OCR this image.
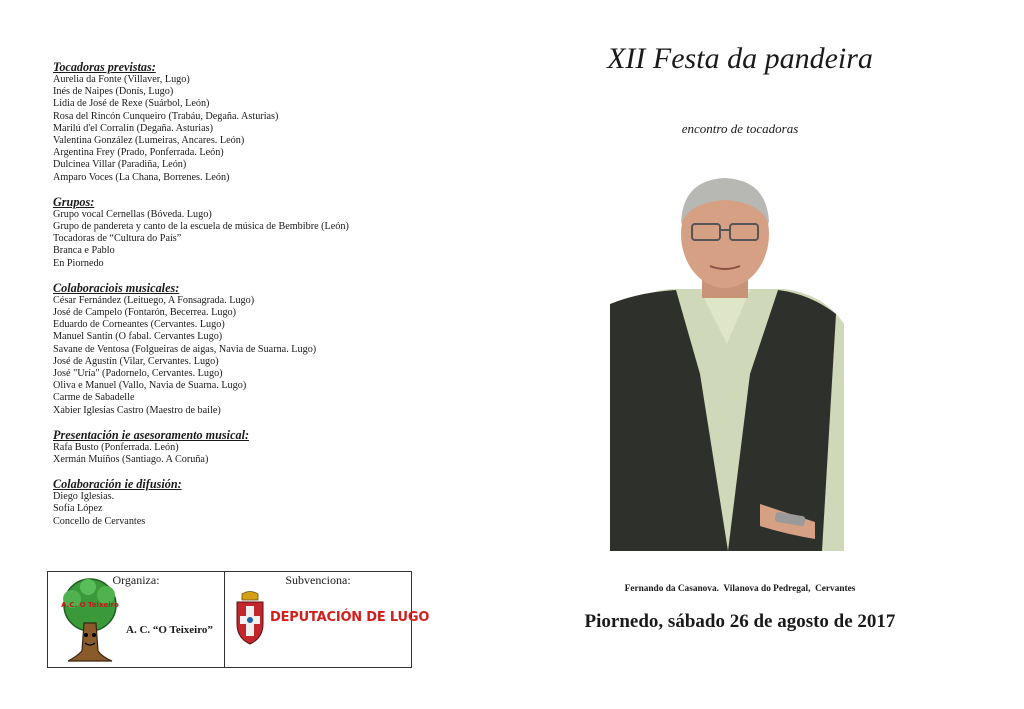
Tocadoras previstas:

Aurelia da Fonte (Villaver, Lugo)
Inés de Naipes (Donís, Lugo)
Lidia de José de Rexe (Suárbol, León)
Rosa del Rincón Cunqueiro (Trabáu, Degaña. Asturias)
Marilú d'el Corralín (Degaña. Asturias)
Valentina González (Lumeiras, Ancares. León)
Argentina Frey (Prado, Ponferrada. León)
Dulcinea Villar (Paradiña, León)
Amparo Voces (La Chana, Borrenes. León)

Grupos:

Grupo vocal Cernellas (Bóveda. Lugo)
Grupo de pandereta y canto de la escuela de música de Bembibre (León)
Tocadoras de “Cultura do País”
Branca e Pablo
En Piornedo

Colaboraciois musicales:

César Fernández (Leituego, A Fonsagrada. Lugo)
José de Campelo (Fontarón, Becerrea. Lugo)
Eduardo de Corneantes (Cervantes. Lugo)
Manuel Santín (O fabal. Cervantes Lugo)
Savane de Ventosa (Folgueiras de aigas, Navia de Suarna. Lugo)
José de Agustín (Vilar, Cervantes. Lugo)
José "Uría" (Padornelo, Cervantes. Lugo)
Oliva e Manuel (Vallo, Navia de Suarna. Lugo)
Carme de Sabadelle
Xabier Iglesias Castro (Maestro de baile)

Presentación ie asesoramento musical:

Rafa Busto (Ponferrada. León)
Xermán Muíños (Santiago. A Coruña)

Colaboración ie difusión:

Diego Iglesias.
Sofía López
Concello de Cervantes
Organiza:
A.C. O Teixeiro
A. C. “O Teixeiro”
Subvenciona:
DEPUTACIÓN DE LUGO
XII Festa da pandeira
encontro de tocadoras
Fernando da Casanova.  Vilanova do Pedregal,  Cervantes
Piornedo, sábado 26 de agosto de 2017
